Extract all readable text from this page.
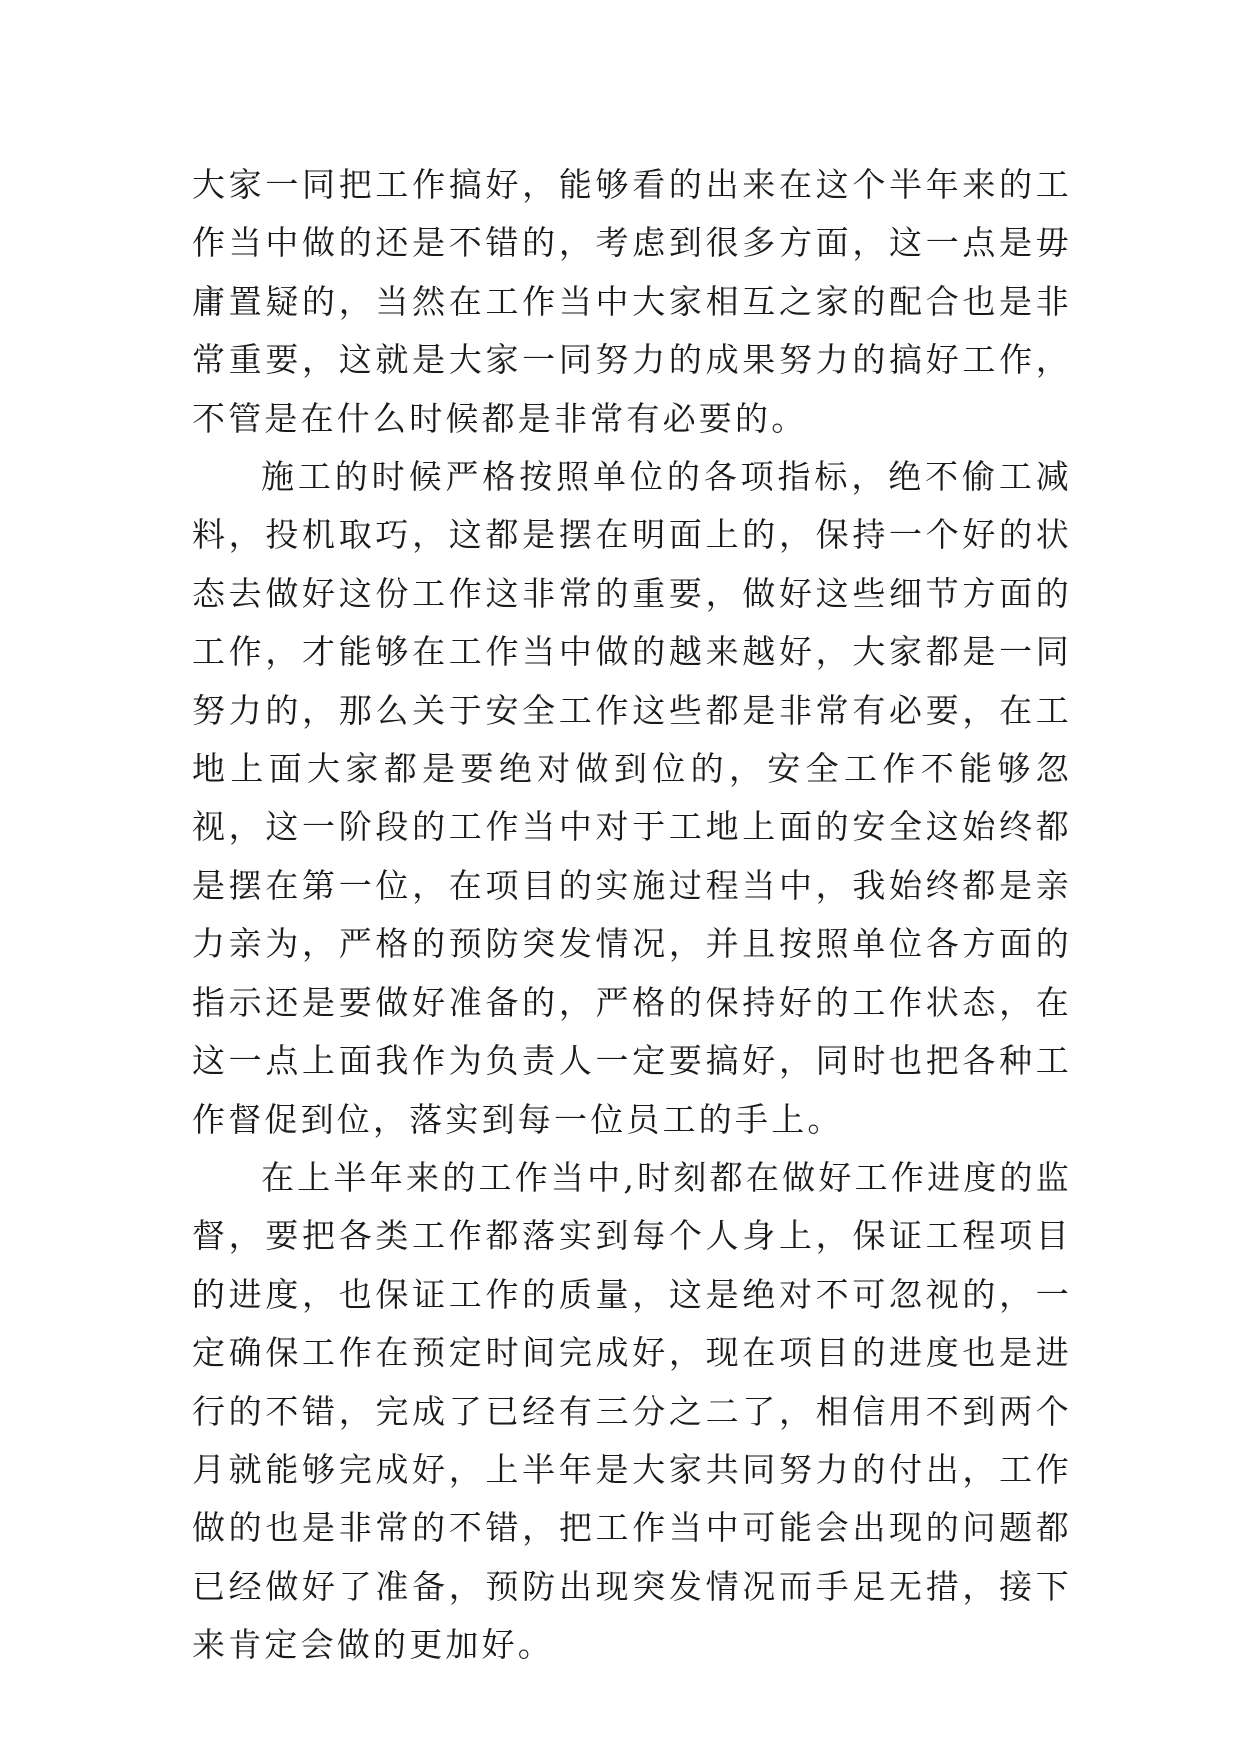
大家一同把工作搞好，能够看的出来在这个半年来的工作当中做的还是不错的，考虑到很多方面，这一点是毋庸置疑的，当然在工作当中大家相互之家的配合也是非常重要，这就是大家一同努力的成果努力的搞好工作，不管是在什么时候都是非常有必要的。

施工的时候严格按照单位的各项指标，绝不偷工减料，投机取巧，这都是摆在明面上的，保持一个好的状态去做好这份工作这非常的重要，做好这些细节方面的工作，才能够在工作当中做的越来越好，大家都是一同努力的，那么关于安全工作这些都是非常有必要，在工地上面大家都是要绝对做到位的，安全工作不能够忽视，这一阶段的工作当中对于工地上面的安全这始终都是摆在第一位，在项目的实施过程当中，我始终都是亲力亲为，严格的预防突发情况，并且按照单位各方面的指示还是要做好准备的，严格的保持好的工作状态，在这一点上面我作为负责人一定要搞好，同时也把各种工作督促到位，落实到每一位员工的手上。

在上半年来的工作当中,时刻都在做好工作进度的监督，要把各类工作都落实到每个人身上，保证工程项目的进度，也保证工作的质量，这是绝对不可忽视的，一定确保工作在预定时间完成好，现在项目的进度也是进行的不错，完成了已经有三分之二了，相信用不到两个月就能够完成好，上半年是大家共同努力的付出，工作做的也是非常的不错，把工作当中可能会出现的问题都已经做好了准备，预防出现突发情况而手足无措，接下来肯定会做的更加好。
